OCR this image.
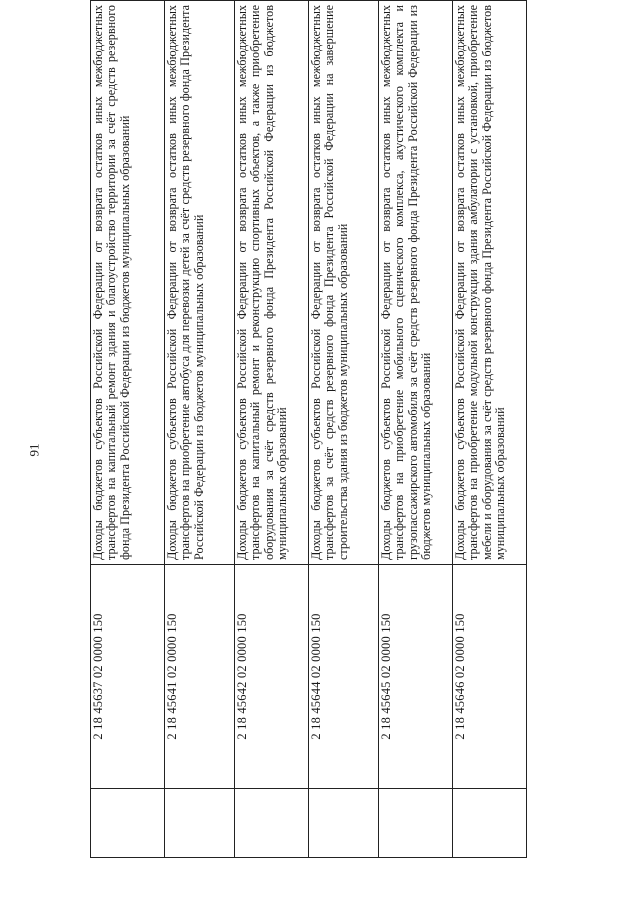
91
	2 18 45637 02 0000 150	Доходы бюджетов субъектов Российской Федерации от возврата остатков иных межбюджетных трансфертов на капитальный ремонт здания и благоустройство территории за счёт средств резервного фонда Президента Российской Федерации из бюджетов муниципальных образований
	2 18 45641 02 0000 150	Доходы бюджетов субъектов Российской Федерации от возврата остатков иных межбюджетных трансфертов на приобретение автобуса для перевозки детей за счёт средств резервного фонда Президента Российской Федерации из бюджетов муниципальных образований
	2 18 45642 02 0000 150	Доходы бюджетов субъектов Российской Федерации от возврата остатков иных межбюджетных трансфертов на капитальный ремонт и реконструкцию спортивных объектов, а также приобретение оборудования за счёт средств резервного фонда Президента Российской Федерации из бюджетов муниципальных образований
	2 18 45644 02 0000 150	Доходы бюджетов субъектов Российской Федерации от возврата остатков иных межбюджетных трансфертов за счёт средств резервного фонда Президента Российской Федерации на завершение строительства здания из бюджетов муниципальных образований
	2 18 45645 02 0000 150	Доходы бюджетов субъектов Российской Федерации от возврата остатков иных межбюджетных трансфертов на приобретение мобильного сценического комплекса, акустического комплекта и грузопассажирского автомобиля за счёт средств резервного фонда Президента Российской Федерации из бюджетов муниципальных образований
	2 18 45646 02 0000 150	Доходы бюджетов субъектов Российской Федерации от возврата остатков иных межбюджетных трансфертов на приобретение модульной конструкции здания амбулатории с установкой, приобретение мебели и оборудования за счёт средств резервного фонда Президента Российской Федерации из бюджетов муниципальных образований
